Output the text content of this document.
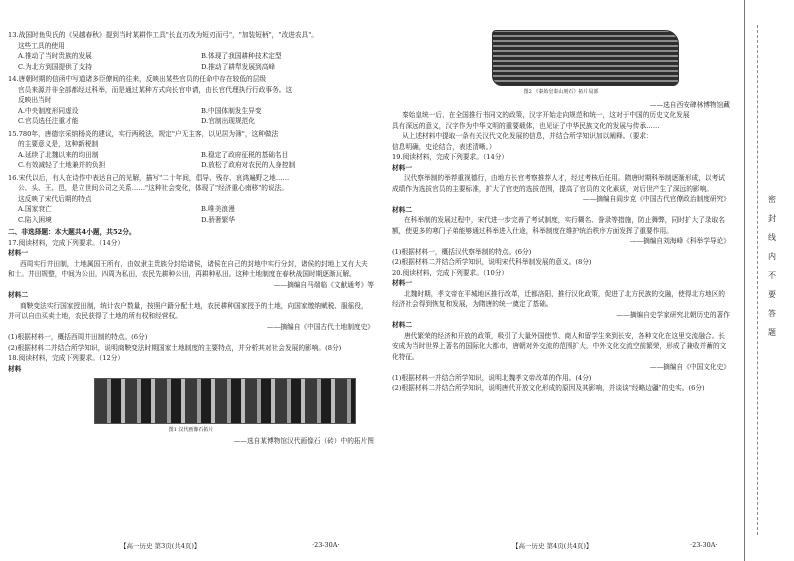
13.战国时鱼臾氏的《吴越春秋》提到当时某耕作工具"长直刃改为短刃而弓"，"加装短柄"，"改进农具"。
这些工具的使用
A.推动了当时贵族的发展	B.体现了我国耕种技术定型
C.为北方到国提供了支持	D.推动了耕犁发展到高峰
14.唐朝时期的信函中写道诸多臣僚间的往来，反映出某些官员的任命中存在较低的层级
官员来源并非全部都经过科举，而是通过某种方式向长官申请，由长官代理执行行政事务。这
反映出当时
A.中央制度形同虚设	B.中国体制发生异变
C.官员选任注重才能	D.官制出现规范化
15.780年，唐德宗采纳杨炎的建议，实行两税法，规定"户无主客，以见居为簿"，这种做法
的主要意义是，这种新税制
A.延续了北魏以来的均田制	B.稳定了政府征税的基础名目
C.有效减轻了土地兼并的负担	D.放松了政府对农民的人身控制
16.宋代以后，有人在诗作中表达自己的见解，描写"二十年间，倡导、残存、哀鸿遍野之地……
公、头、王、邑，是立世间公司之关系……"这种社会变化，体现了"经济重心南移"的说法。
这反映了宋代后期的特点
A.国家衰亡	B.唯美浪漫
C.陷入困境	D.骄奢繁华
二、非选择题：本大题共4小题，共52分。
17.阅读材料，完成下列要求。（14分）
材料一

西周实行井田制，土地属国王所有，由奴隶主贵族分封给诸侯，诸侯在自己的封地中实行分封，诸侯的封地上又有大夫和士。井田规整，中间为公田，四周为私田，农民先耕种公田，再耕种私田。这种土地制度在春秋战国时期逐渐瓦解。

——摘编自马端临《文献通考》等
材料二

商鞅变法实行国家授田制，统计农户数量，按照户籍分配土地，农民耕种国家授予的土地，向国家缴纳赋税、服徭役，并可以自由买卖土地，农民获得了土地的所有权和经营权。

——摘编自《中国古代土地制度史》
(1)根据材料一，概括西周井田制的特点。(6分)
(2)根据材料二并结合所学知识，说明商鞅变法时期国家土地制度的主要特点，并分析其对社会发展的影响。(8分)
18.阅读材料，完成下列要求。（12分）
材料
图1 汉代画像石拓片
——选自某博物馆汉代画像石（砖）中的拓片图
图2 《秦始皇泰山刻石》拓片局部
——选自西安碑林博物馆藏
秦始皇统一后，在全国推行书同文的政策，汉字开始走向规范和统一，这对于中国的历史文化发展
具有深远的意义，汉字作为中华文明的重要载体，也见证了中华民族文化的发展与传承……
从上述材料中提取一条有关汉代文化发展的信息，并结合所学知识加以阐释。（要求：
信息明确，史论结合，表述清晰。）
19.阅读材料，完成下列要求。（14分）
材料一

汉代察举制的举荐重视德行，由地方长官考察推荐人才，经过考核后任用。隋唐时期科举制逐渐形成，以考试成绩作为选拔官员的主要标准，扩大了官吏的选拔范围，提高了官员的文化素质，对后世产生了深远的影响。

——摘编自阎步克《中国古代官僚政治制度研究》
材料二

在科举制的发展过程中，宋代进一步完善了考试制度，实行糊名、誊录等措施，防止舞弊，同时扩大了录取名额，使更多的寒门子弟能够通过科举进入仕途，科举制度在维护统治秩序方面发挥了重要作用。

——摘编自刘海峰《科举学导论》
(1)根据材料一，概括汉代察举制的特点。(6分)
(2)根据材料二并结合所学知识，说明宋代科举制发展的意义。(8分)
20.阅读材料，完成下列要求。（10分）
材料一

北魏时期，孝文帝在平城地区推行改革，迁都洛阳，推行汉化政策，促进了北方民族的交融，使得北方地区的经济社会得到恢复和发展，为隋唐的统一奠定了基础。

——摘编自史学家研究北朝历史的著作
材料二

唐代繁荣的经济和开放的政策，吸引了大量外国使节、商人和留学生来到长安，各种文化在这里交流融合。长安成为当时世界上著名的国际化大都市，唐朝对外交流的范围扩大，中外文化交流空前繁荣，形成了兼收并蓄的文化特征。

——摘编自《中国文化史》
(1)根据材料一并结合所学知识，说明北魏孝文帝改革的作用。(4分)
(2)根据材料二并结合所学知识，说明唐代开放文化形成的原因及其影响，并谈谈"经略边疆"的史实。(6分)
【高一历史 第3页(共4页)】	·23-30A·	【高一历史 第4页(共4页)】	·23-30A·
密
封
线
内
不
要
答
题
